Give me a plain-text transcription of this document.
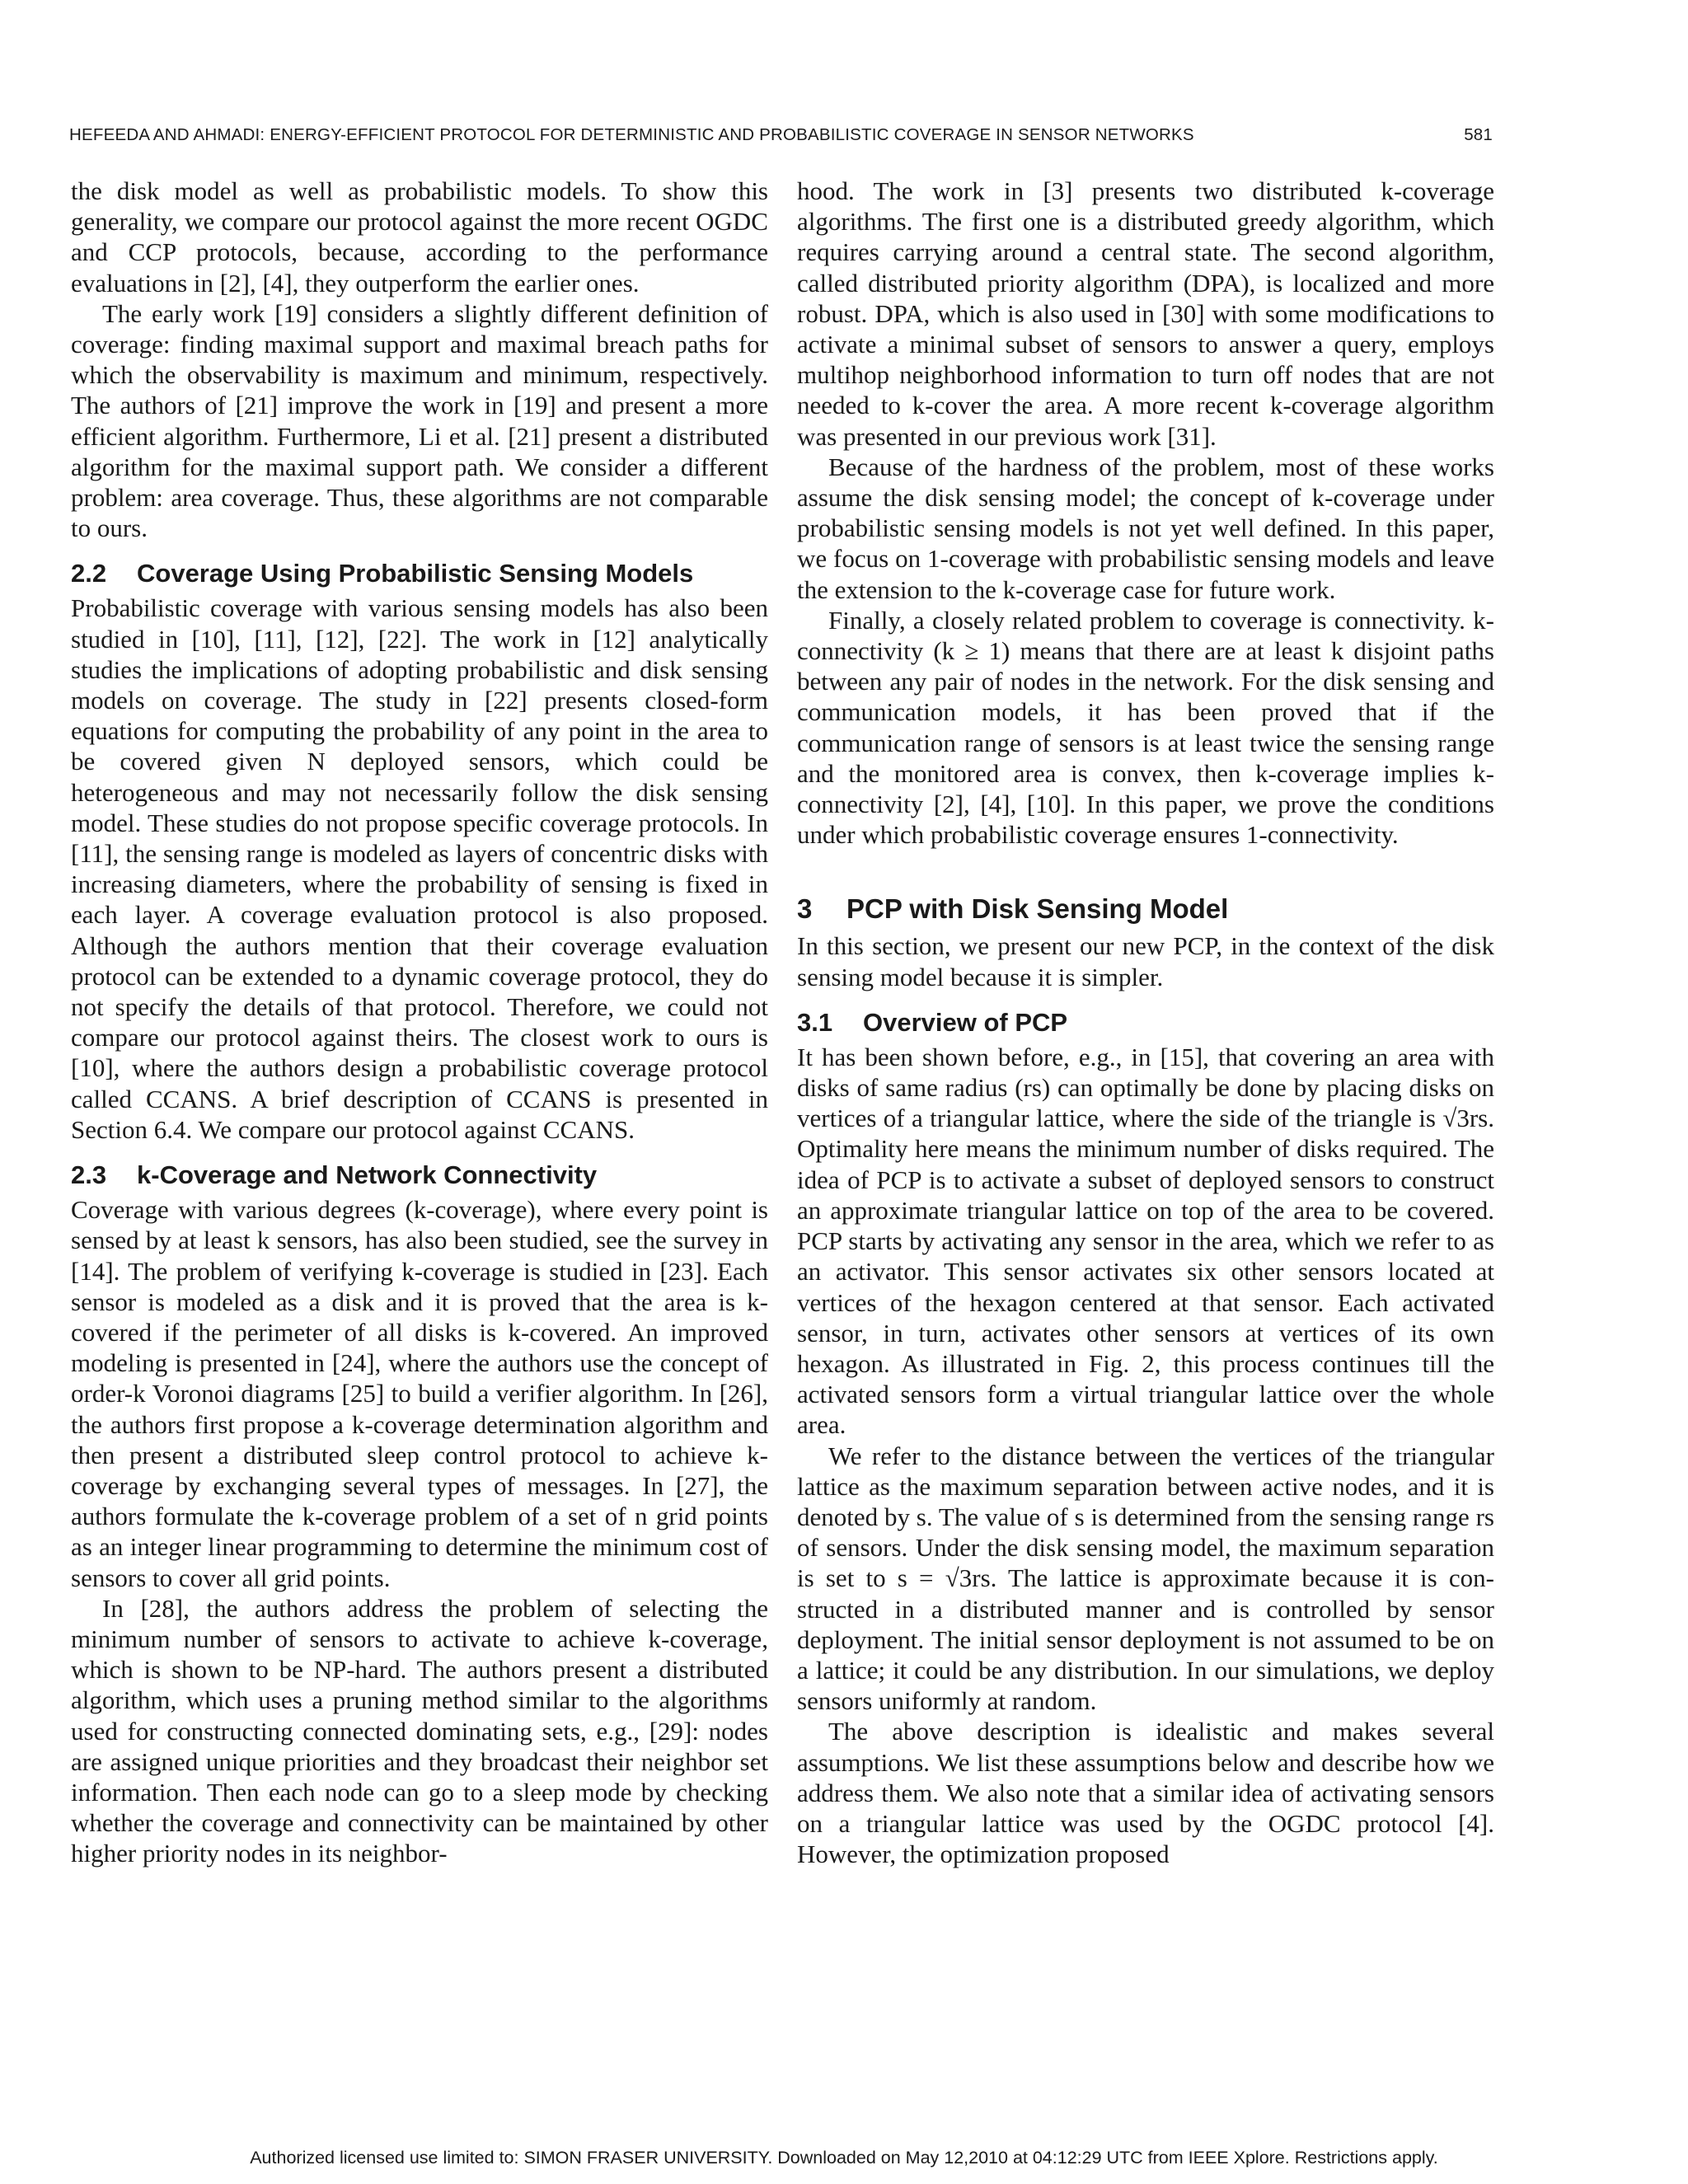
HEFEEDA AND AHMADI: ENERGY-EFFICIENT PROTOCOL FOR DETERMINISTIC AND PROBABILISTIC COVERAGE IN SENSOR NETWORKS	581

the disk model as well as probabilistic models. To show this generality, we compare our protocol against the more recent OGDC and CCP protocols, because, according to the performance evaluations in [2], [4], they outperform the earlier ones.

The early work [19] considers a slightly different definition of coverage: finding maximal support and maximal breach paths for which the observability is maximum and minimum, respectively. The authors of [21] improve the work in [19] and present a more efficient algorithm. Furthermore, Li et al. [21] present a distributed algorithm for the maximal support path. We consider a different problem: area coverage. Thus, these algorithms are not comparable to ours.

2.2 Coverage Using Probabilistic Sensing Models

Probabilistic coverage with various sensing models has also been studied in [10], [11], [12], [22]. The work in [12] analytically studies the implications of adopting probabilistic and disk sensing models on coverage. The study in [22] presents closed-form equations for computing the probability of any point in the area to be covered given N deployed sensors, which could be heterogeneous and may not necessarily follow the disk sensing model. These studies do not propose specific coverage protocols. In [11], the sensing range is modeled as layers of concentric disks with increasing diameters, where the probability of sensing is fixed in each layer. A coverage evaluation protocol is also proposed. Although the authors mention that their coverage evaluation protocol can be extended to a dynamic coverage protocol, they do not specify the details of that protocol. Therefore, we could not compare our protocol against theirs. The closest work to ours is [10], where the authors design a probabilistic coverage protocol called CCANS. A brief description of CCANS is presented in Section 6.4. We compare our protocol against CCANS.

2.3 k-Coverage and Network Connectivity

Coverage with various degrees (k-coverage), where every point is sensed by at least k sensors, has also been studied, see the survey in [14]. The problem of verifying k-coverage is studied in [23]. Each sensor is modeled as a disk and it is proved that the area is k-covered if the perimeter of all disks is k-covered. An improved modeling is presented in [24], where the authors use the concept of order-k Voronoi diagrams [25] to build a verifier algorithm. In [26], the authors first propose a k-coverage determination algorithm and then present a distributed sleep control protocol to achieve k-coverage by exchanging several types of messages. In [27], the authors formulate the k-coverage problem of a set of n grid points as an integer linear programming to determine the minimum cost of sensors to cover all grid points.

In [28], the authors address the problem of selecting the minimum number of sensors to activate to achieve k-coverage, which is shown to be NP-hard. The authors present a distributed algorithm, which uses a pruning method similar to the algorithms used for constructing connected dominating sets, e.g., [29]: nodes are assigned unique priorities and they broadcast their neighbor set information. Then each node can go to a sleep mode by checking whether the coverage and connectivity can be maintained by other higher priority nodes in its neighbor-

hood. The work in [3] presents two distributed k-coverage algorithms. The first one is a distributed greedy algorithm, which requires carrying around a central state. The second algorithm, called distributed priority algorithm (DPA), is localized and more robust. DPA, which is also used in [30] with some modifications to activate a minimal subset of sensors to answer a query, employs multihop neighborhood information to turn off nodes that are not needed to k-cover the area. A more recent k-coverage algorithm was presented in our previous work [31].

Because of the hardness of the problem, most of these works assume the disk sensing model; the concept of k-coverage under probabilistic sensing models is not yet well defined. In this paper, we focus on 1-coverage with probabilistic sensing models and leave the extension to the k-coverage case for future work.

Finally, a closely related problem to coverage is connectivity. k-connectivity (k ≥ 1) means that there are at least k disjoint paths between any pair of nodes in the network. For the disk sensing and communication models, it has been proved that if the communication range of sensors is at least twice the sensing range and the monitored area is convex, then k-coverage implies k-connectivity [2], [4], [10]. In this paper, we prove the conditions under which probabilistic coverage ensures 1-connectivity.

3 PCP with Disk Sensing Model

In this section, we present our new PCP, in the context of the disk sensing model because it is simpler.

3.1 Overview of PCP

It has been shown before, e.g., in [15], that covering an area with disks of same radius (rs) can optimally be done by placing disks on vertices of a triangular lattice, where the side of the triangle is √3rs. Optimality here means the minimum number of disks required. The idea of PCP is to activate a subset of deployed sensors to construct an approximate triangular lattice on top of the area to be covered. PCP starts by activating any sensor in the area, which we refer to as an activator. This sensor activates six other sensors located at vertices of the hexagon centered at that sensor. Each activated sensor, in turn, activates other sensors at vertices of its own hexagon. As illustrated in Fig. 2, this process continues till the activated sensors form a virtual triangular lattice over the whole area.

We refer to the distance between the vertices of the triangular lattice as the maximum separation between active nodes, and it is denoted by s. The value of s is determined from the sensing range rs of sensors. Under the disk sensing model, the maximum separation is set to s = √3rs. The lattice is approximate because it is constructed in a distributed manner and is controlled by sensor deployment. The initial sensor deployment is not assumed to be on a lattice; it could be any distribution. In our simulations, we deploy sensors uniformly at random.

The above description is idealistic and makes several assumptions. We list these assumptions below and describe how we address them. We also note that a similar idea of activating sensors on a triangular lattice was used by the OGDC protocol [4]. However, the optimization proposed

Authorized licensed use limited to: SIMON FRASER UNIVERSITY. Downloaded on May 12,2010 at 04:12:29 UTC from IEEE Xplore. Restrictions apply.
